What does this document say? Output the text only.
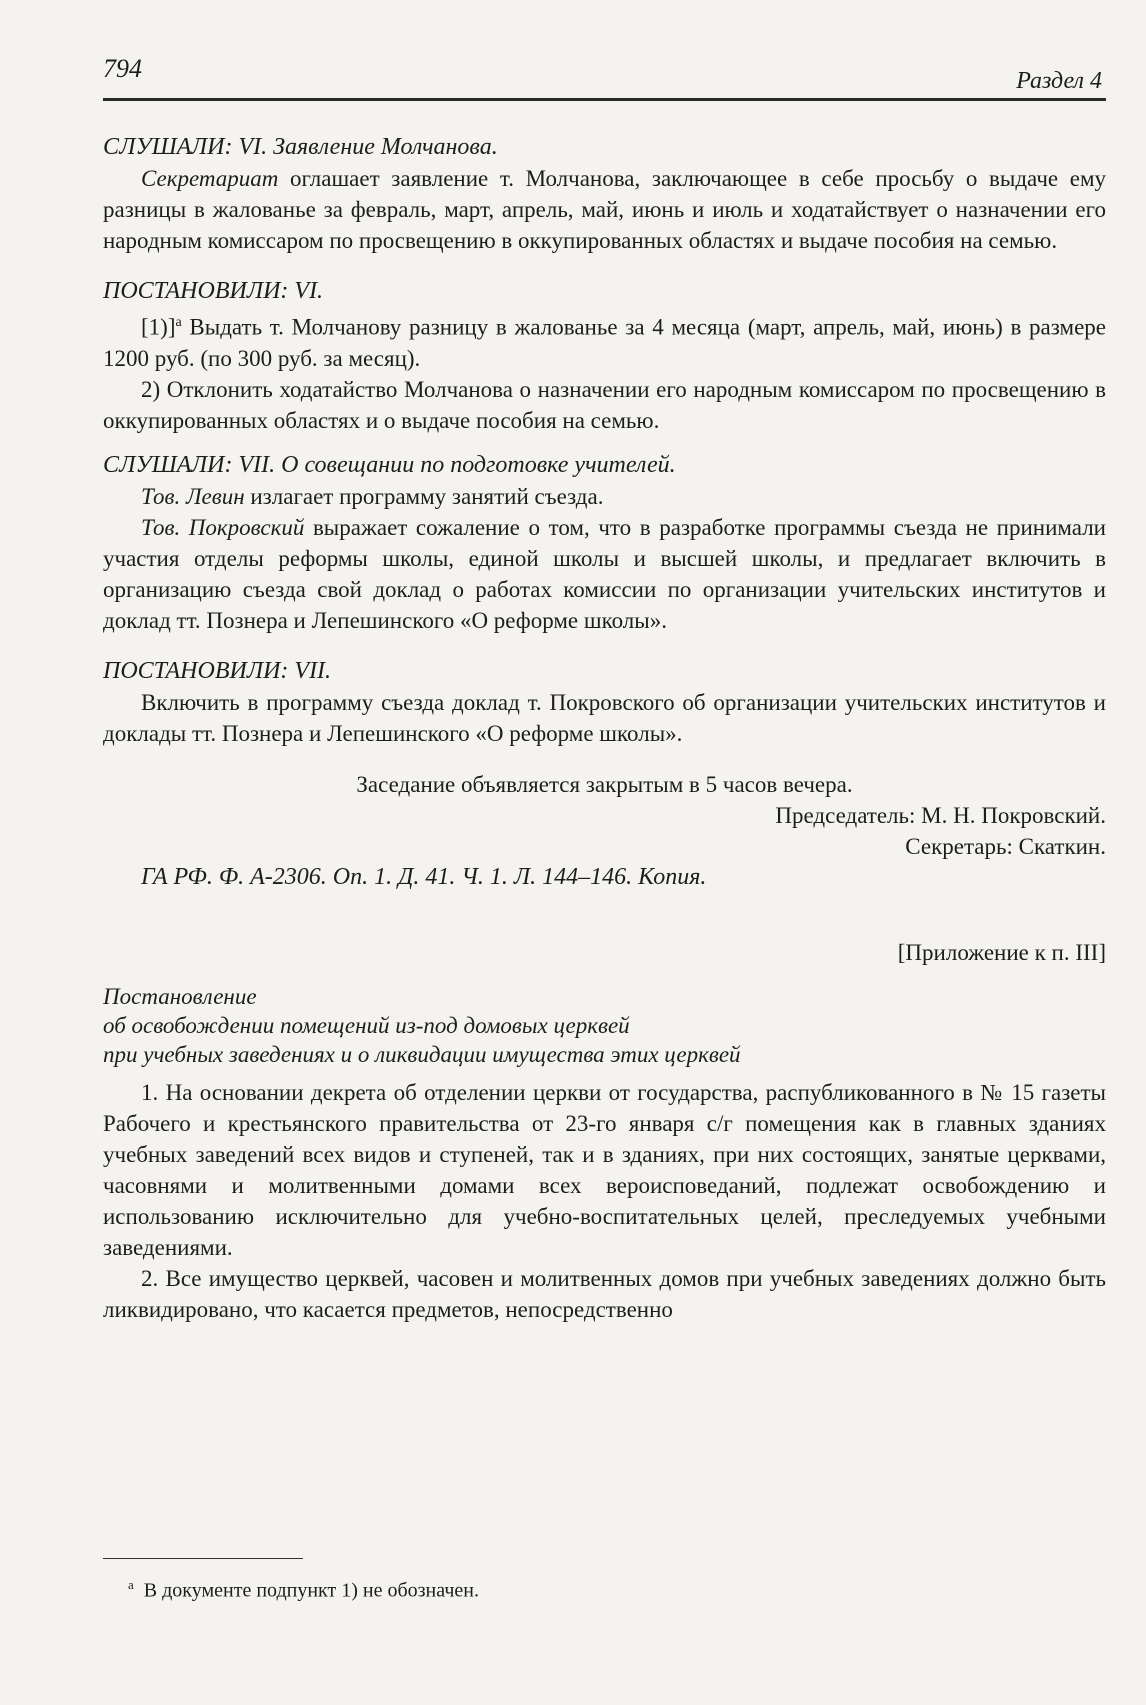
794	Раздел 4

СЛУШАЛИ: VI. Заявление Молчанова.

Секретариат оглашает заявление т. Молчанова, заключающее в себе просьбу о выдаче ему разницы в жалованье за февраль, март, апрель, май, июнь и июль и ходатайствует о назначении его народным комиссаром по просвещению в оккупированных областях и выдаче пособия на семью.

ПОСТАНОВИЛИ: VI.

$[1)]^а$ Выдать т. Молчанову разницу в жалованье за 4 месяца (март, апрель, май, июнь) в размере 1200 руб. (по 300 руб. за месяц).

2) Отклонить ходатайство Молчанова о назначении его народным комиссаром по просвещению в оккупированных областях и о выдаче пособия на семью.

СЛУШАЛИ: VII. О совещании по подготовке учителей.

Тов. Левин излагает программу занятий съезда.

Тов. Покровский выражает сожаление о том, что в разработке программы съезда не принимали участия отделы реформы школы, единой школы и высшей школы, и предлагает включить в организацию съезда свой доклад о работах комиссии по организации учительских институтов и доклад тт. Познера и Лепешинского «О реформе школы».

ПОСТАНОВИЛИ: VII.

Включить в программу съезда доклад т. Покровского об организации учительских институтов и доклады тт. Познера и Лепешинского «О реформе школы».

Заседание объявляется закрытым в 5 часов вечера.

Председатель: М. Н. Покровский.

Секретарь: Скаткин.

ГА РФ. Ф. А-2306. Оп. 1. Д. 41. Ч. 1. Л. 144–146. Копия.

[Приложение к п. III]

Постановление

об освобождении помещений из-под домовых церквей

при учебных заведениях и о ликвидации имущества этих церквей

1. На основании декрета об отделении церкви от государства, распубликованного в № 15 газеты Рабочего и крестьянского правительства от 23-го января с/г помещения как в главных зданиях учебных заведений всех видов и ступеней, так и в зданиях, при них состоящих, занятые церквами, часовнями и молитвенными домами всех вероисповеданий, подлежат освобождению и использованию исключительно для учебно-воспитательных целей, преследуемых учебными заведениями.

2. Все имущество церквей, часовен и молитвенных домов при учебных заведениях должно быть ликвидировано, что касается предметов, непосредственно

$^а$ В документе подпункт 1) не обозначен.
